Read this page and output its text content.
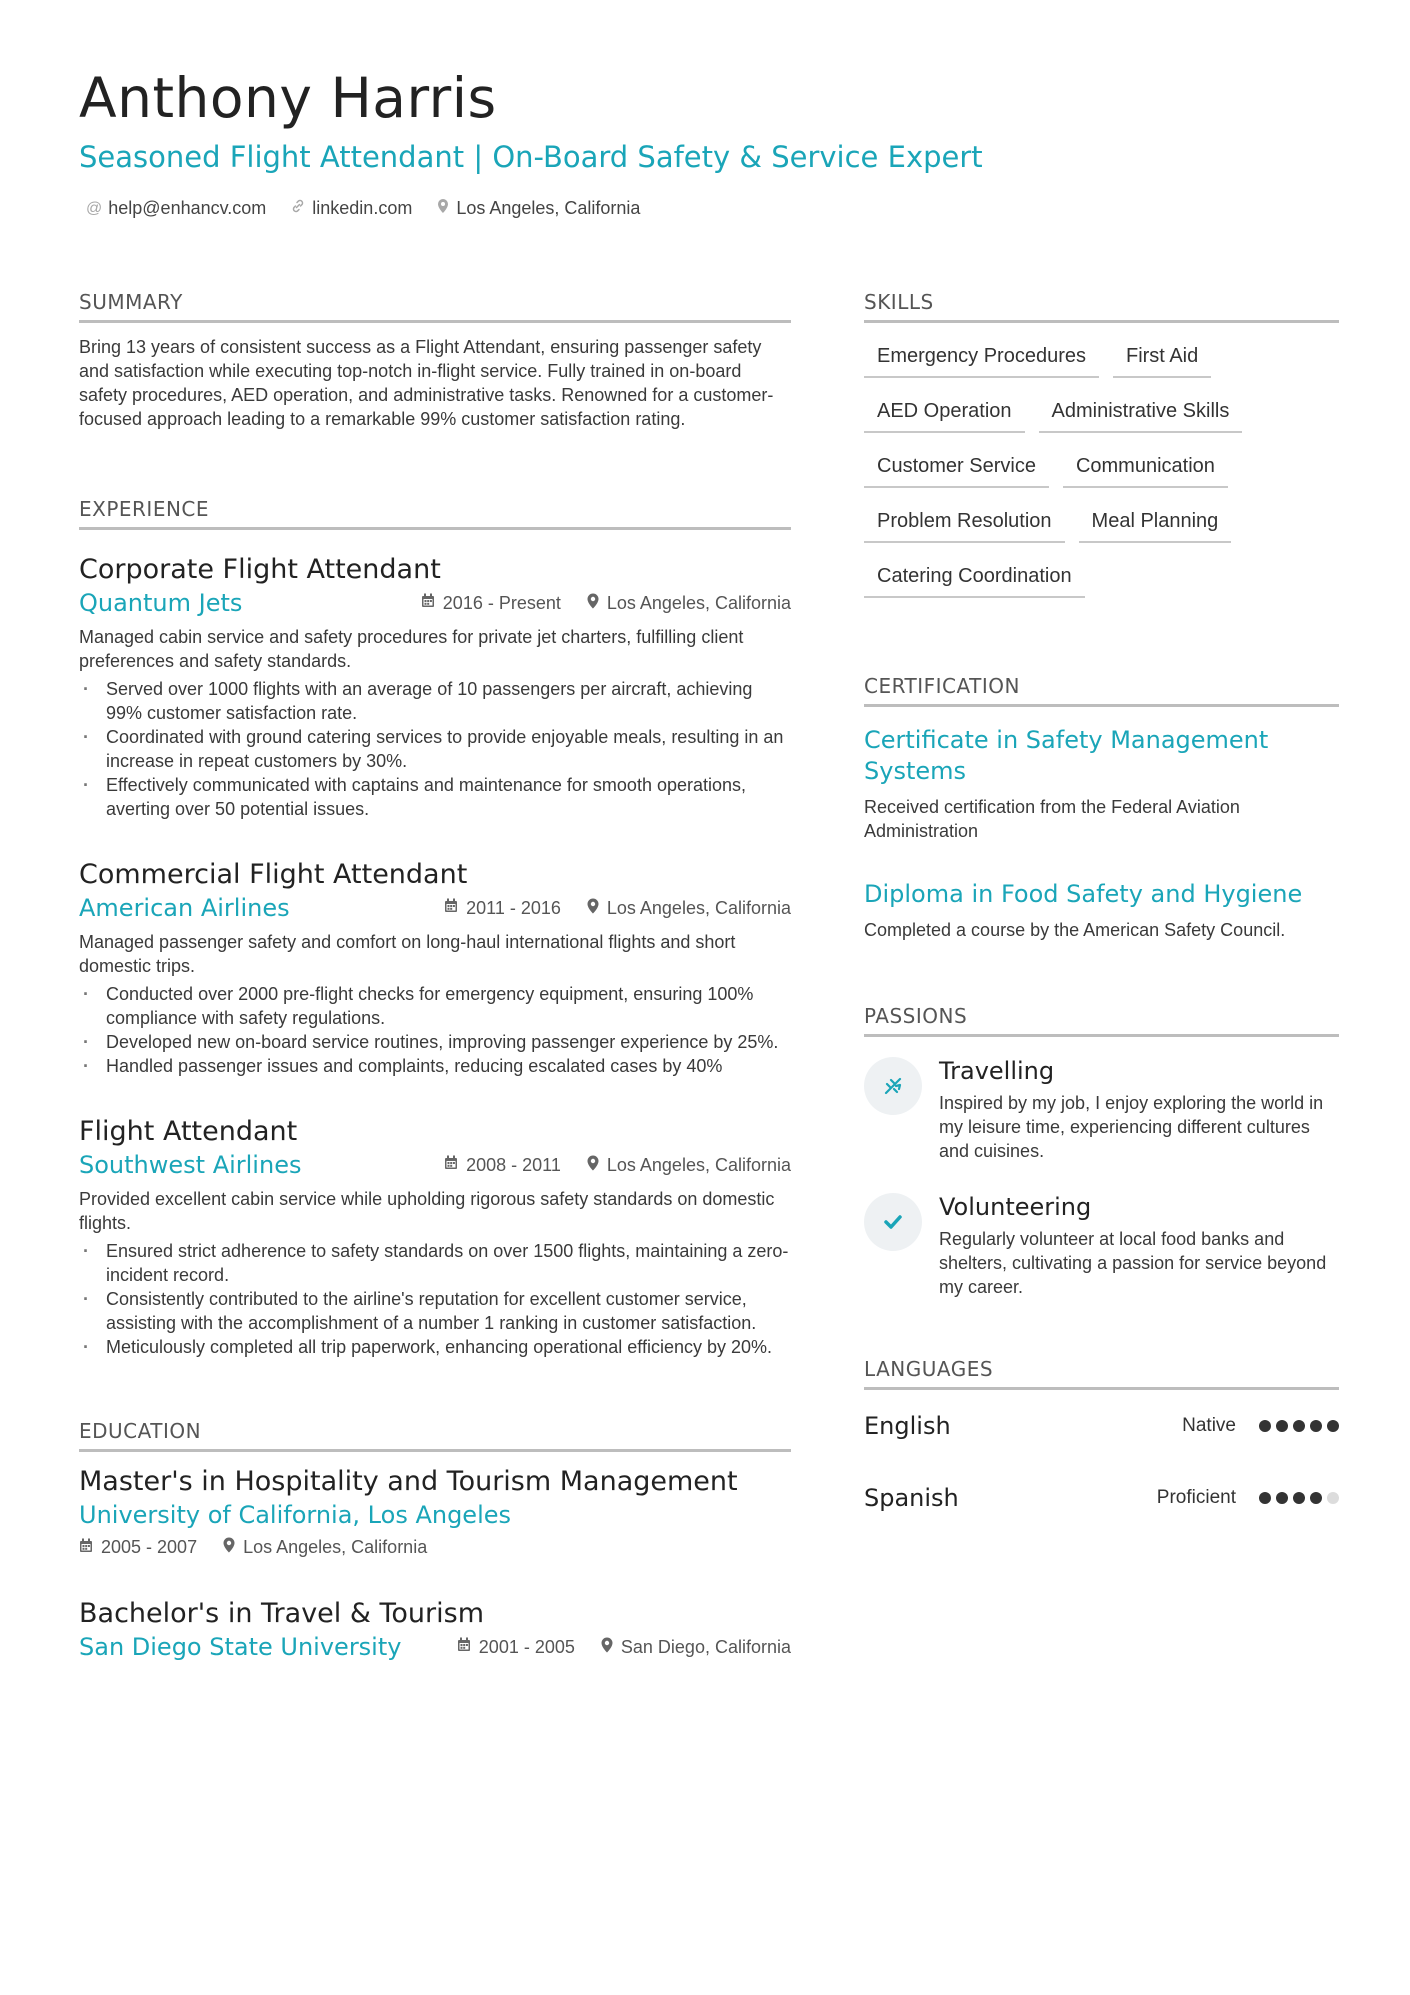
Anthony Harris
Seasoned Flight Attendant | On-Board Safety & Service Expert
@ help@enhancv.com	linkedin.com Los Angeles, California
SUMMARY
Bring 13 years of consistent success as a Flight Attendant, ensuring passenger safety and satisfaction while executing top-notch in-flight service. Fully trained in on-board safety procedures, AED operation, and administrative tasks. Renowned for a customer-focused approach leading to a remarkable 99% customer satisfaction rating.
EXPERIENCE
Corporate Flight Attendant
Quantum Jets	2016 - Present	Los Angeles, California
Managed cabin service and safety procedures for private jet charters, fulfilling client preferences and safety standards.
· Served over 1000 flights with an average of 10 passengers per aircraft, achieving 99% customer satisfaction rate.
· Coordinated with ground catering services to provide enjoyable meals, resulting in an increase in repeat customers by 30%.
· Effectively communicated with captains and maintenance for smooth operations, averting over 50 potential issues.
Commercial Flight Attendant
American Airlines	2011 - 2016	Los Angeles, California
Managed passenger safety and comfort on long-haul international flights and short domestic trips.
· Conducted over 2000 pre-flight checks for emergency equipment, ensuring 100% compliance with safety regulations.
· Developed new on-board service routines, improving passenger experience by 25%.
· Handled passenger issues and complaints, reducing escalated cases by 40%
Flight Attendant
Southwest Airlines	2008 - 2011	Los Angeles, California
Provided excellent cabin service while upholding rigorous safety standards on domestic flights.
· Ensured strict adherence to safety standards on over 1500 flights, maintaining a zero-incident record.
· Consistently contributed to the airline's reputation for excellent customer service, assisting with the accomplishment of a number 1 ranking in customer satisfaction.
· Meticulously completed all trip paperwork, enhancing operational efficiency by 20%.
EDUCATION
Master's in Hospitality and Tourism Management
University of California, Los Angeles
2005 - 2007	Los Angeles, California
Bachelor's in Travel & Tourism
San Diego State University	2001 - 2005	San Diego, California
SKILLS
Emergency Procedures	First Aid
AED Operation	Administrative Skills
Customer Service	Communication
Problem Resolution	Meal Planning
Catering Coordination
CERTIFICATION
Certificate in Safety Management Systems
Received certification from the Federal Aviation Administration
Diploma in Food Safety and Hygiene
Completed a course by the American Safety Council.
PASSIONS
Travelling
Inspired by my job, I enjoy exploring the world in my leisure time, experiencing different cultures and cuisines.
Volunteering
Regularly volunteer at local food banks and shelters, cultivating a passion for service beyond my career.
LANGUAGES
English	Native
Spanish	Proficient
